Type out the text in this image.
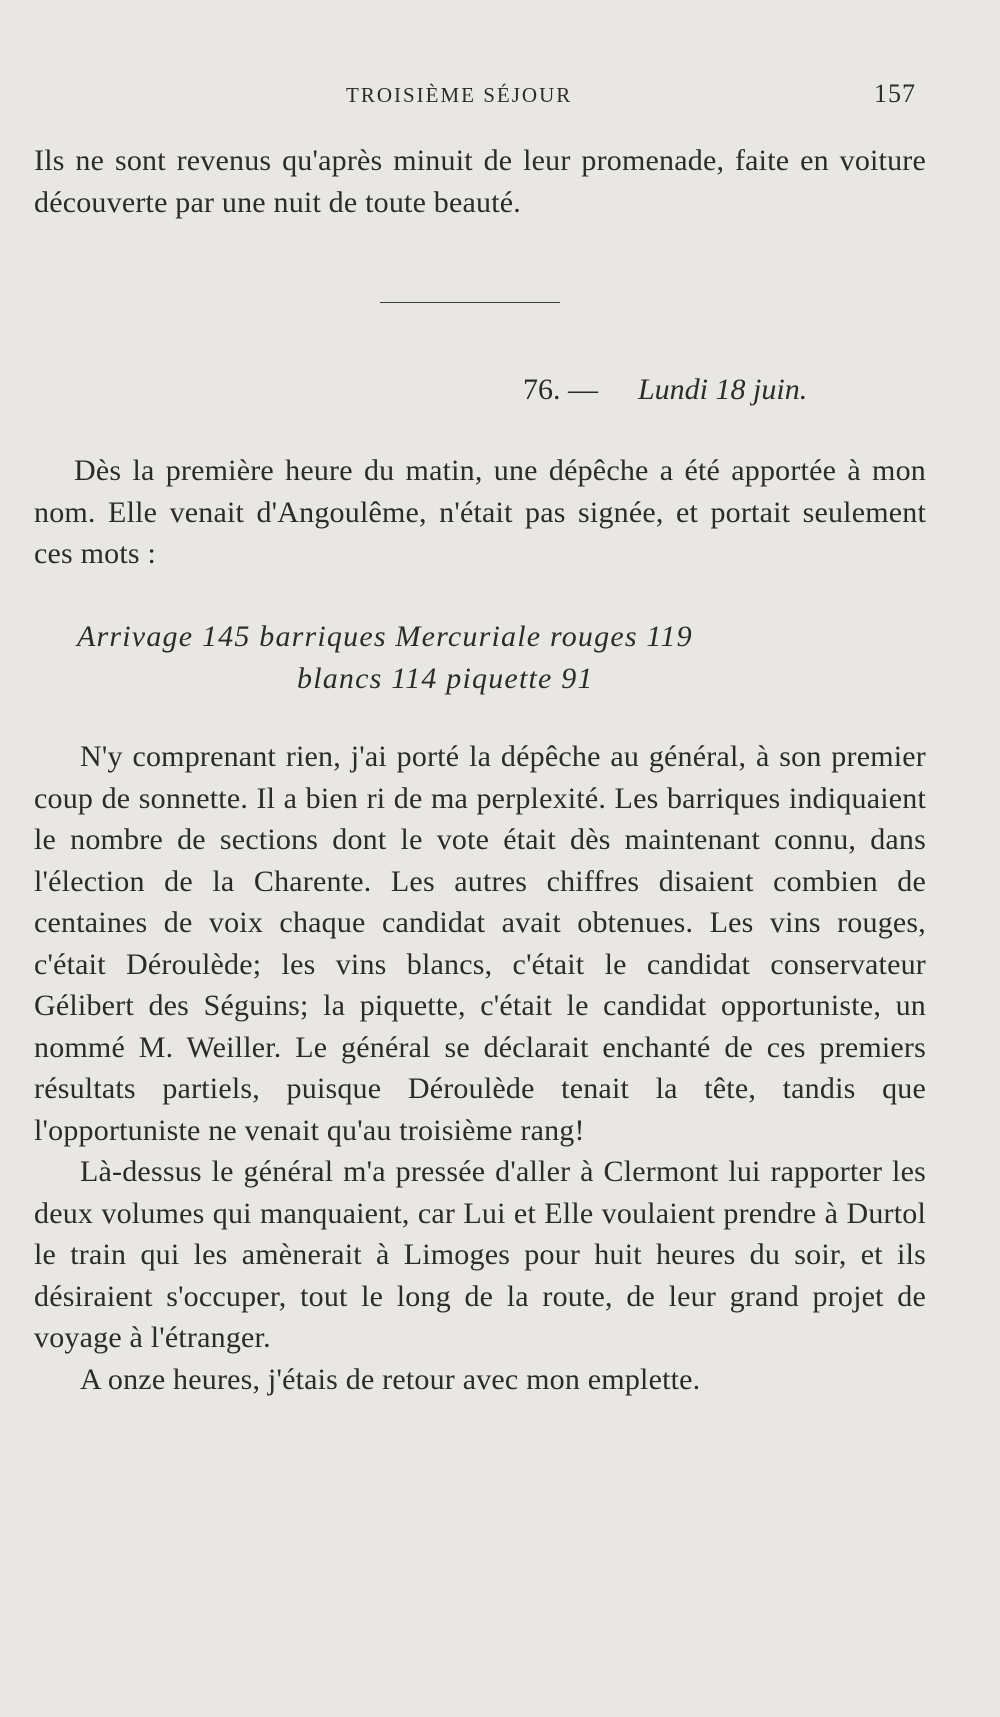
TROISIÈME SÉJOUR	157

Ils ne sont revenus qu'après minuit de leur promenade, faite en voiture découverte par une nuit de toute beauté.

76. — Lundi 18 juin.

Dès la première heure du matin, une dépêche a été apportée à mon nom. Elle venait d'Angoulême, n'était pas signée, et portait seulement ces mots :

Arrivage 145 barriques Mercuriale rouges 119
blancs 114 piquette 91

N'y comprenant rien, j'ai porté la dépêche au général, à son premier coup de sonnette. Il a bien ri de ma perplexité. Les barriques indiquaient le nombre de sections dont le vote était dès maintenant connu, dans l'élection de la Charente. Les autres chiffres disaient combien de centaines de voix chaque candidat avait obtenues. Les vins rouges, c'était Déroulède; les vins blancs, c'était le candidat conservateur Gélibert des Séguins; la piquette, c'était le candidat opportuniste, un nommé M. Weiller. Le général se déclarait enchanté de ces premiers résultats partiels, puisque Déroulède tenait la tête, tandis que l'opportuniste ne venait qu'au troisième rang!

Là-dessus le général m'a pressée d'aller à Clermont lui rapporter les deux volumes qui manquaient, car Lui et Elle voulaient prendre à Durtol le train qui les amènerait à Limoges pour huit heures du soir, et ils désiraient s'occuper, tout le long de la route, de leur grand projet de voyage à l'étranger.

A onze heures, j'étais de retour avec mon emplette.
